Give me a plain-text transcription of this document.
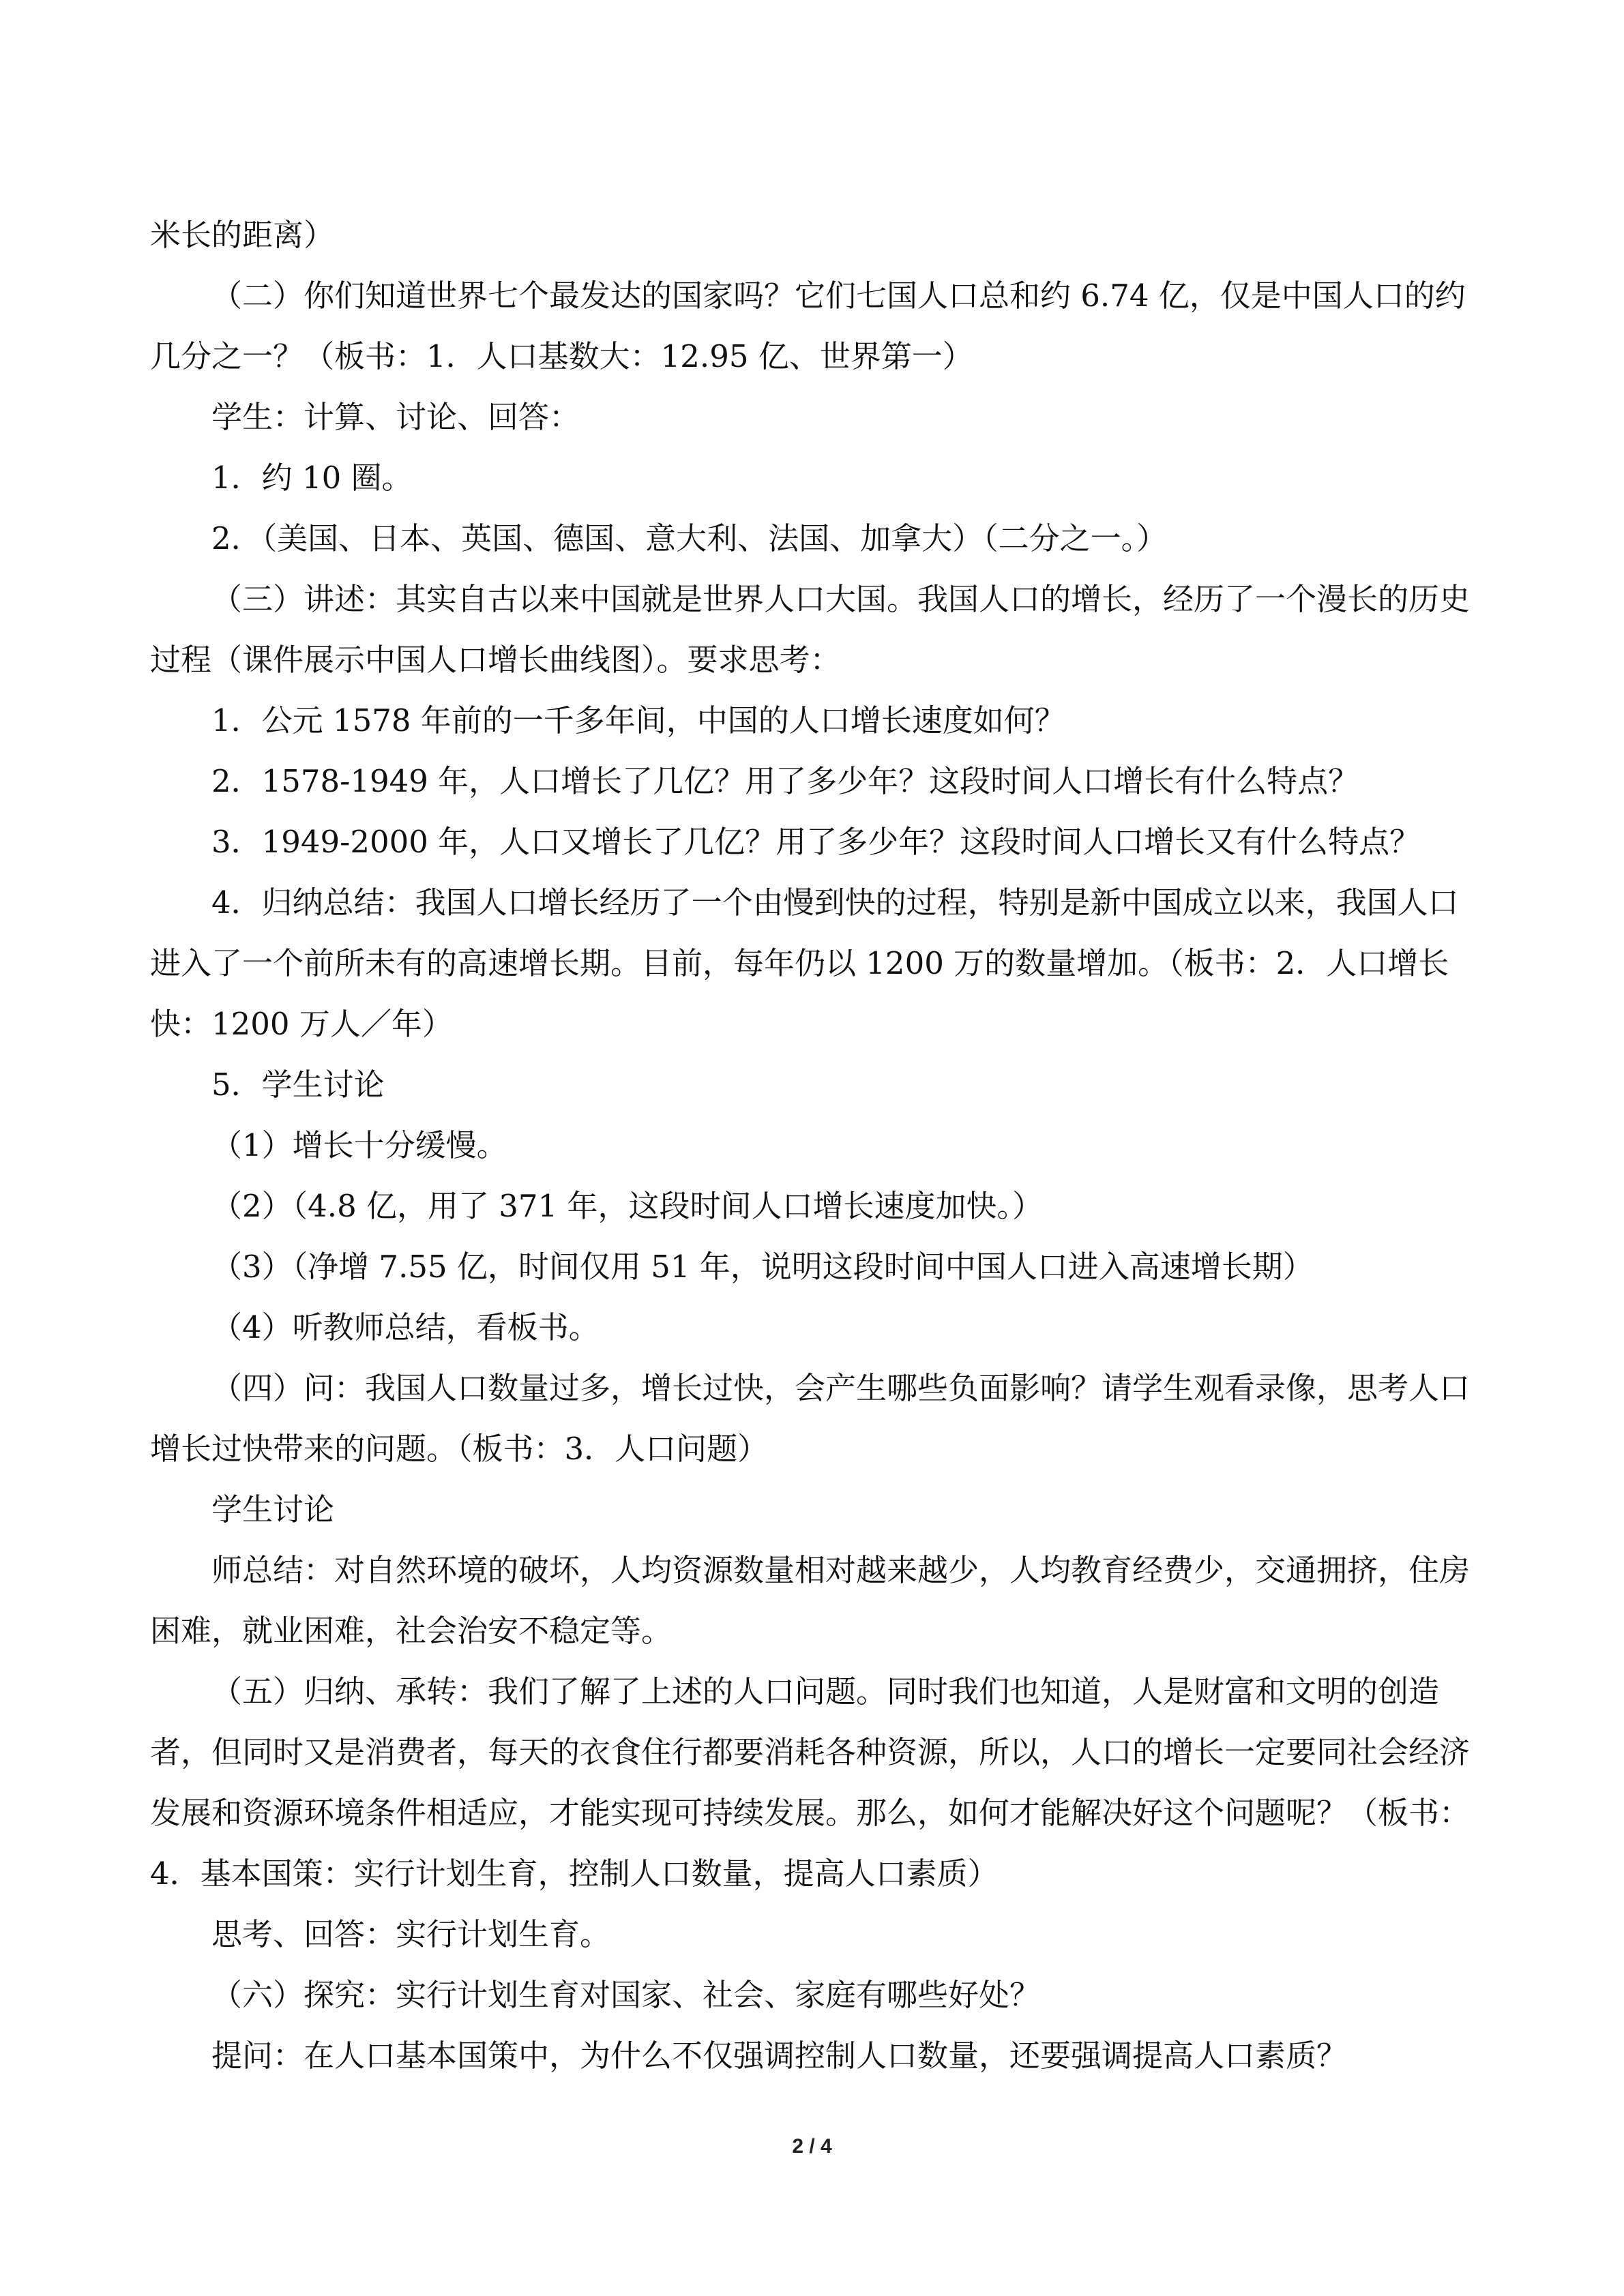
米长的距离）

（二）你们知道世界七个最发达的国家吗？它们七国人口总和约 6.74 亿，仅是中国人口的约几分之一？（板书：1．人口基数大：12.95 亿、世界第一）

学生：计算、讨论、回答：

1．约 10 圈。

2．（美国、日本、英国、德国、意大利、法国、加拿大）（二分之一。）

（三）讲述：其实自古以来中国就是世界人口大国。我国人口的增长，经历了一个漫长的历史过程（课件展示中国人口增长曲线图）。要求思考：

1．公元 1578 年前的一千多年间，中国的人口增长速度如何？

2．1578-1949 年，人口增长了几亿？用了多少年？这段时间人口增长有什么特点？

3．1949-2000 年，人口又增长了几亿？用了多少年？这段时间人口增长又有什么特点？

4．归纳总结：我国人口增长经历了一个由慢到快的过程，特别是新中国成立以来，我国人口进入了一个前所未有的高速增长期。目前，每年仍以 1200 万的数量增加。（板书：2．人口增长快：1200 万人／年）

5．学生讨论

（1）增长十分缓慢。

（2）（4.8 亿，用了 371 年，这段时间人口增长速度加快。）

（3）（净增 7.55 亿，时间仅用 51 年，说明这段时间中国人口进入高速增长期）

（4）听教师总结，看板书。

（四）问：我国人口数量过多，增长过快，会产生哪些负面影响？请学生观看录像，思考人口增长过快带来的问题。（板书：3．人口问题）

学生讨论

师总结：对自然环境的破坏，人均资源数量相对越来越少，人均教育经费少，交通拥挤，住房困难，就业困难，社会治安不稳定等。

（五）归纳、承转：我们了解了上述的人口问题。同时我们也知道，人是财富和文明的创造者，但同时又是消费者，每天的衣食住行都要消耗各种资源，所以，人口的增长一定要同社会经济发展和资源环境条件相适应，才能实现可持续发展。那么，如何才能解决好这个问题呢？（板书：4．基本国策：实行计划生育，控制人口数量，提高人口素质）

思考、回答：实行计划生育。

（六）探究：实行计划生育对国家、社会、家庭有哪些好处？

提问：在人口基本国策中，为什么不仅强调控制人口数量，还要强调提高人口素质？

2 / 4
